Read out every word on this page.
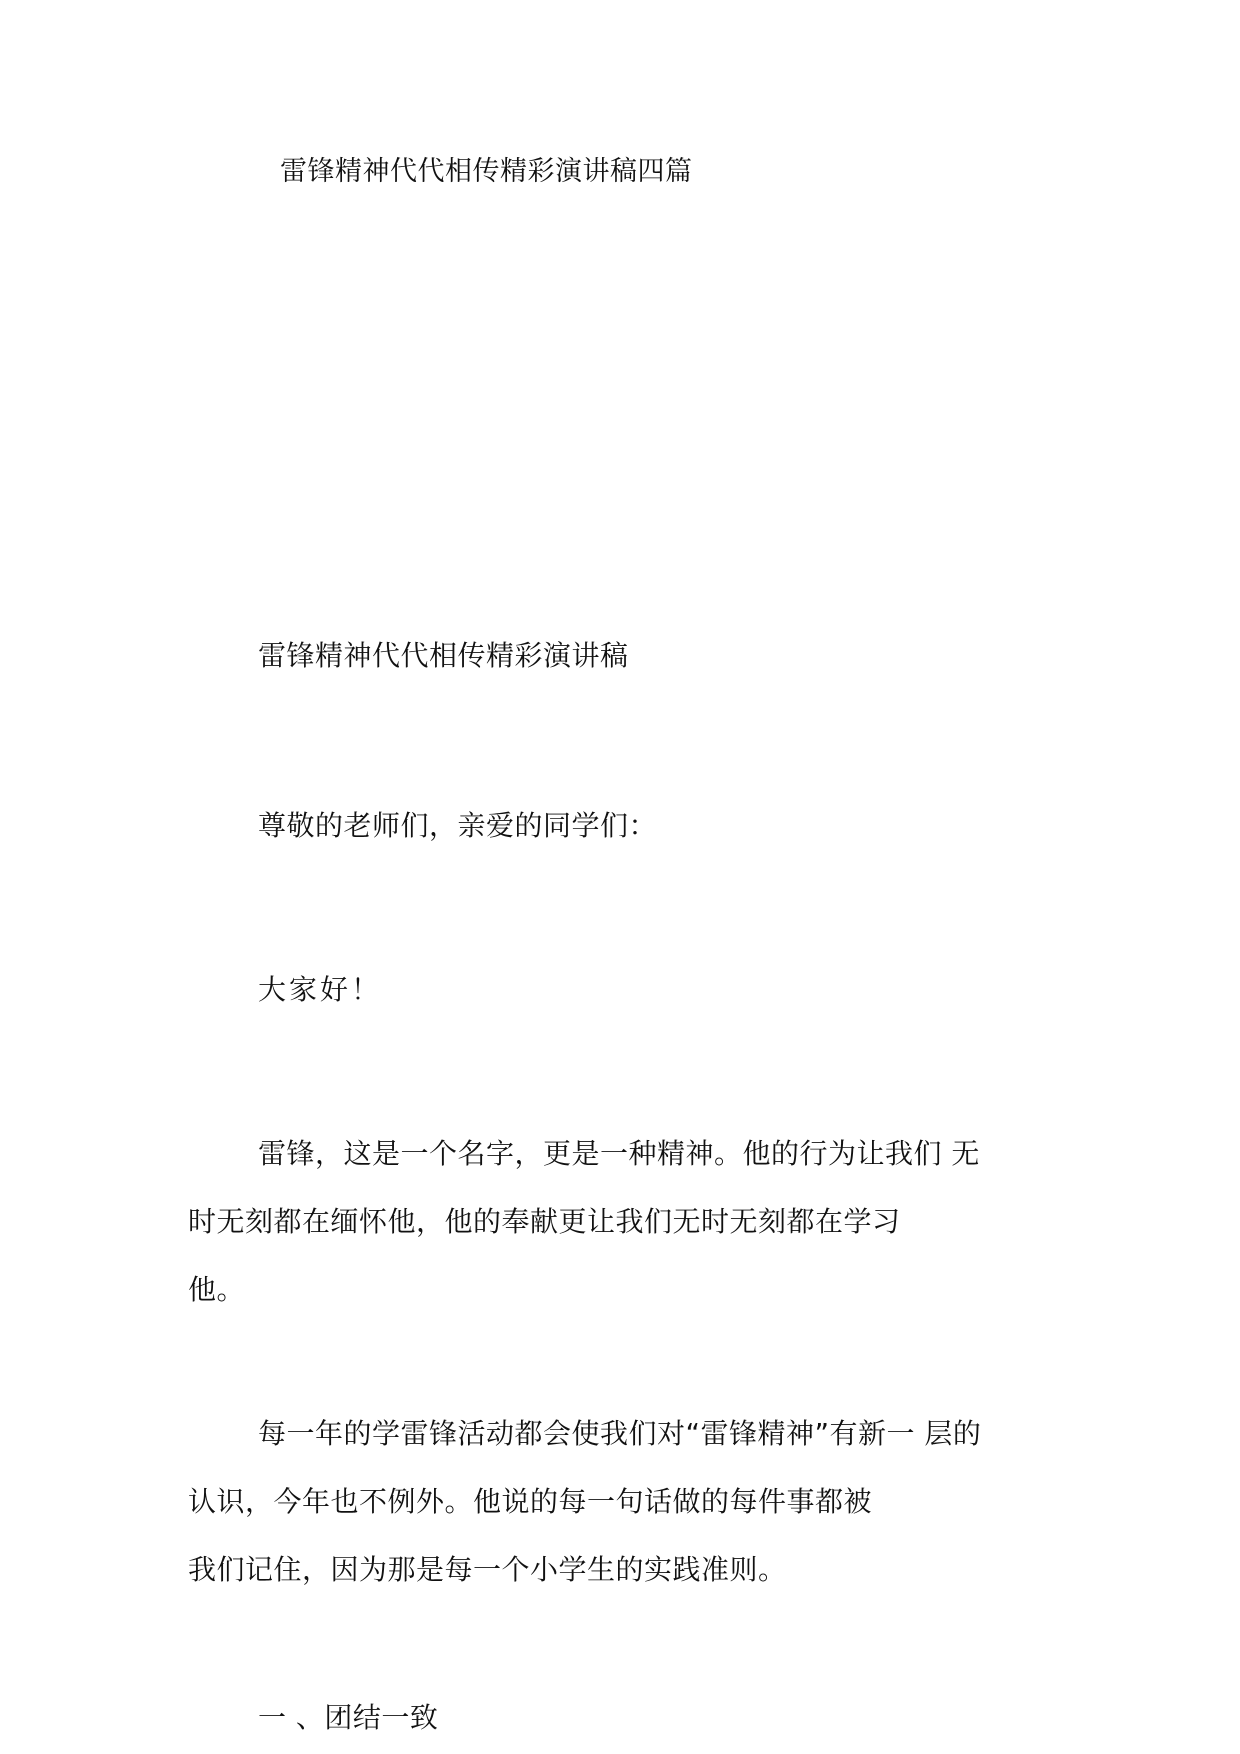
雷锋精神代代相传精彩演讲稿四篇
雷锋精神代代相传精彩演讲稿
尊敬的老师们，亲爱的同学们：
大家好！
雷锋，这是一个名字，更是一种精神。他的行为让我们 无
时无刻都在缅怀他，他的奉献更让我们无时无刻都在学习
他。
每一年的学雷锋活动都会使我们对“雷锋精神”有新一 层的
认识，今年也不例外。他说的每一句话做的每件事都被
我们记住，因为那是每一个小学生的实践准则。
一 、团结一致
